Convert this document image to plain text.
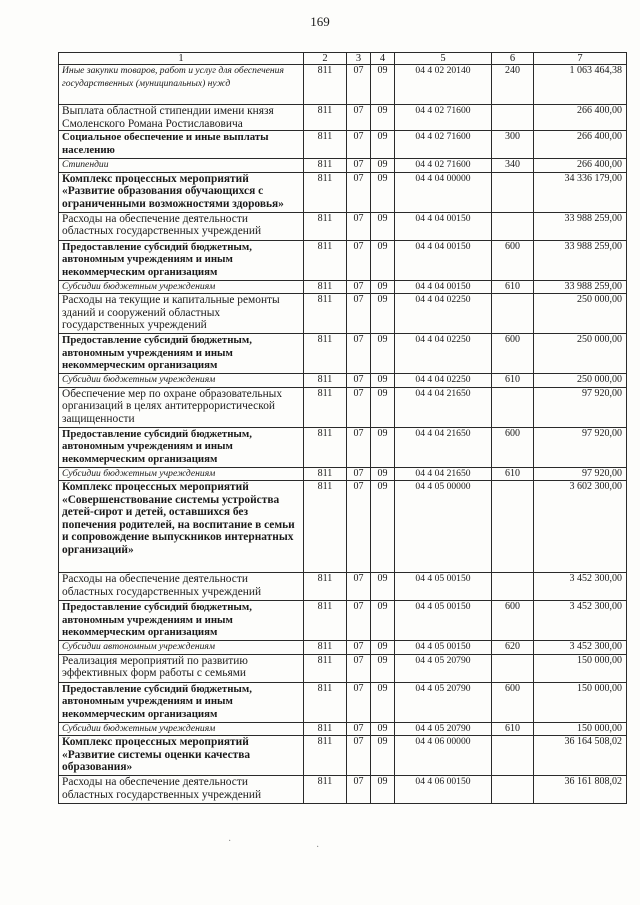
169
1	2	3	4	5	6	7
Иные закупки товаров, работ и услуг для обеспечения государственных (муниципальных) нужд	811	07	09	04 4 02 20140	240	1 063 464,38
Выплата областной стипендии имени князя Смоленского Романа Ростиславовича	811	07	09	04 4 02 71600		266 400,00
Социальное обеспечение и иные выплаты населению	811	07	09	04 4 02 71600	300	266 400,00
Стипендии	811	07	09	04 4 02 71600	340	266 400,00
Комплекс процессных мероприятий «Развитие образования обучающихся с ограниченными возможностями здоровья»	811	07	09	04 4 04 00000		34 336 179,00
Расходы на обеспечение деятельности областных государственных учреждений	811	07	09	04 4 04 00150		33 988 259,00
Предоставление субсидий бюджетным, автономным учреждениям и иным некоммерческим организациям	811	07	09	04 4 04 00150	600	33 988 259,00
Субсидии бюджетным учреждениям	811	07	09	04 4 04 00150	610	33 988 259,00
Расходы на текущие и капитальные ремонты зданий и сооружений областных государственных учреждений	811	07	09	04 4 04 02250		250 000,00
Предоставление субсидий бюджетным, автономным учреждениям и иным некоммерческим организациям	811	07	09	04 4 04 02250	600	250 000,00
Субсидии бюджетным учреждениям	811	07	09	04 4 04 02250	610	250 000,00
Обеспечение мер по охране образовательных организаций в целях антитеррористической защищенности	811	07	09	04 4 04 21650		97 920,00
Предоставление субсидий бюджетным, автономным учреждениям и иным некоммерческим организациям	811	07	09	04 4 04 21650	600	97 920,00
Субсидии бюджетным учреждениям	811	07	09	04 4 04 21650	610	97 920,00
Комплекс процессных мероприятий «Совершенствование системы устройства детей-сирот и детей, оставшихся без попечения родителей, на воспитание в семьи и сопровождение выпускников интернатных организаций»	811	07	09	04 4 05 00000		3 602 300,00
Расходы на обеспечение деятельности областных государственных учреждений	811	07	09	04 4 05 00150		3 452 300,00
Предоставление субсидий бюджетным, автономным учреждениям и иным некоммерческим организациям	811	07	09	04 4 05 00150	600	3 452 300,00
Субсидии автономным учреждениям	811	07	09	04 4 05 00150	620	3 452 300,00
Реализация мероприятий по развитию эффективных форм работы с семьями	811	07	09	04 4 05 20790		150 000,00
Предоставление субсидий бюджетным, автономным учреждениям и иным некоммерческим организациям	811	07	09	04 4 05 20790	600	150 000,00
Субсидии бюджетным учреждениям	811	07	09	04 4 05 20790	610	150 000,00
Комплекс процессных мероприятий «Развитие системы оценки качества образования»	811	07	09	04 4 06 00000		36 164 508,02
Расходы на обеспечение деятельности областных государственных учреждений	811	07	09	04 4 06 00150		36 161 808,02
·
·
